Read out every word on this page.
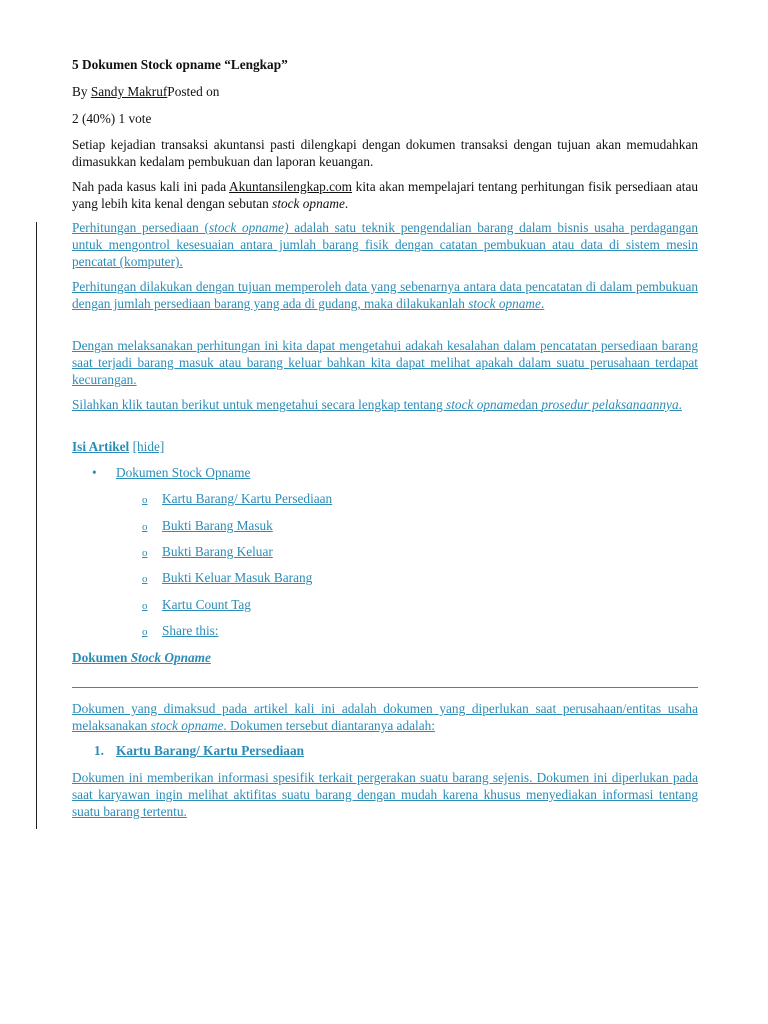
5 Dokumen Stock opname “Lengkap”

By Sandy MakrufPosted on

2 (40%) 1 vote

Setiap kejadian transaksi akuntansi pasti dilengkapi dengan dokumen transaksi dengan tujuan akan memudahkan dimasukkan kedalam pembukuan dan laporan keuangan.

Nah pada kasus kali ini pada Akuntansilengkap.com kita akan mempelajari tentang perhitungan fisik persediaan atau yang lebih kita kenal dengan sebutan stock opname.

Perhitungan persediaan (stock opname) adalah satu teknik pengendalian barang dalam bisnis usaha perdagangan untuk mengontrol kesesuaian antara jumlah barang fisik dengan catatan pembukuan atau data di sistem mesin pencatat (komputer).

Perhitungan dilakukan dengan tujuan memperoleh data yang sebenarnya antara data pencatatan di dalam pembukuan dengan jumlah persediaan barang yang ada di gudang, maka dilakukanlah stock opname.

Dengan melaksanakan perhitungan ini kita dapat mengetahui adakah kesalahan dalam pencatatan persediaan barang saat terjadi barang masuk atau barang keluar bahkan kita dapat melihat apakah dalam suatu perusahaan terdapat kecurangan.

Silahkan klik tautan berikut untuk mengetahui secara lengkap tentang stock opnamedan prosedur pelaksanaannya.

Isi Artikel [hide]

• Dokumen Stock Opname

o Kartu Barang/ Kartu Persediaan

o Bukti Barang Masuk

o Bukti Barang Keluar

o Bukti Keluar Masuk Barang

o Kartu Count Tag

o Share this:

Dokumen Stock Opname

Dokumen yang dimaksud pada artikel kali ini adalah dokumen yang diperlukan saat perusahaan/entitas usaha melaksanakan stock opname. Dokumen tersebut diantaranya adalah:

1. Kartu Barang/ Kartu Persediaan

Dokumen ini memberikan informasi spesifik terkait pergerakan suatu barang sejenis. Dokumen ini diperlukan pada saat karyawan ingin melihat aktifitas suatu barang dengan mudah karena khusus menyediakan informasi tentang suatu barang tertentu.
